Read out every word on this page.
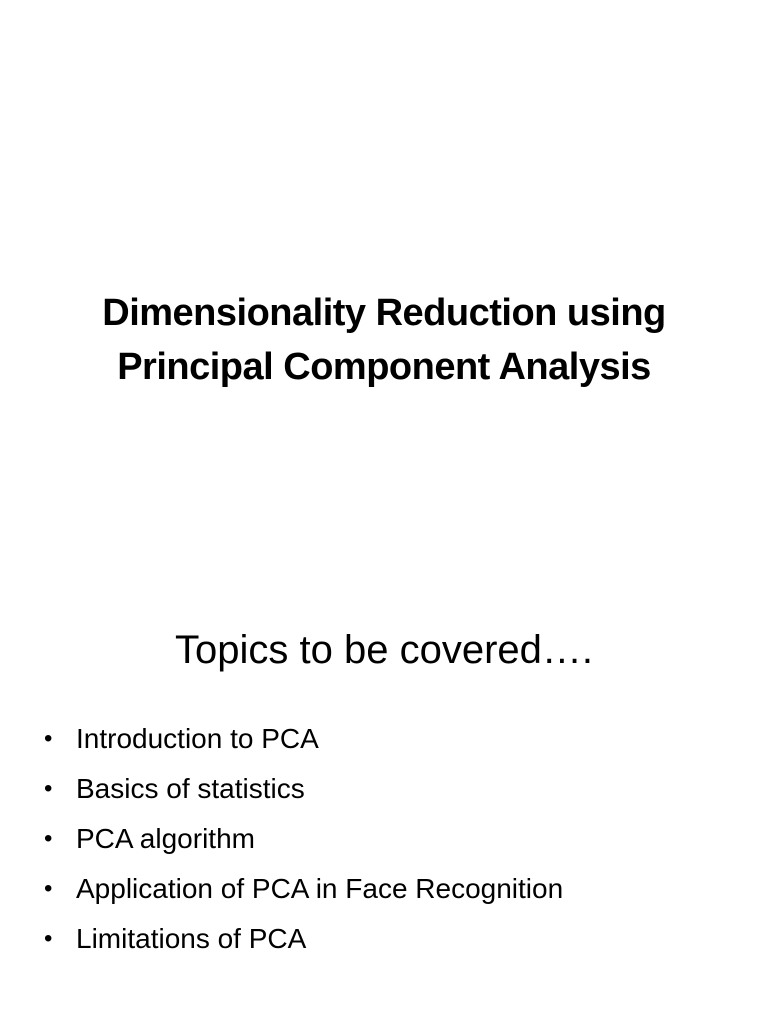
Dimensionality Reduction using
Principal Component Analysis
Topics to be covered….
• Introduction to PCA
• Basics of statistics
• PCA algorithm
• Application of PCA in Face Recognition
• Limitations of PCA
